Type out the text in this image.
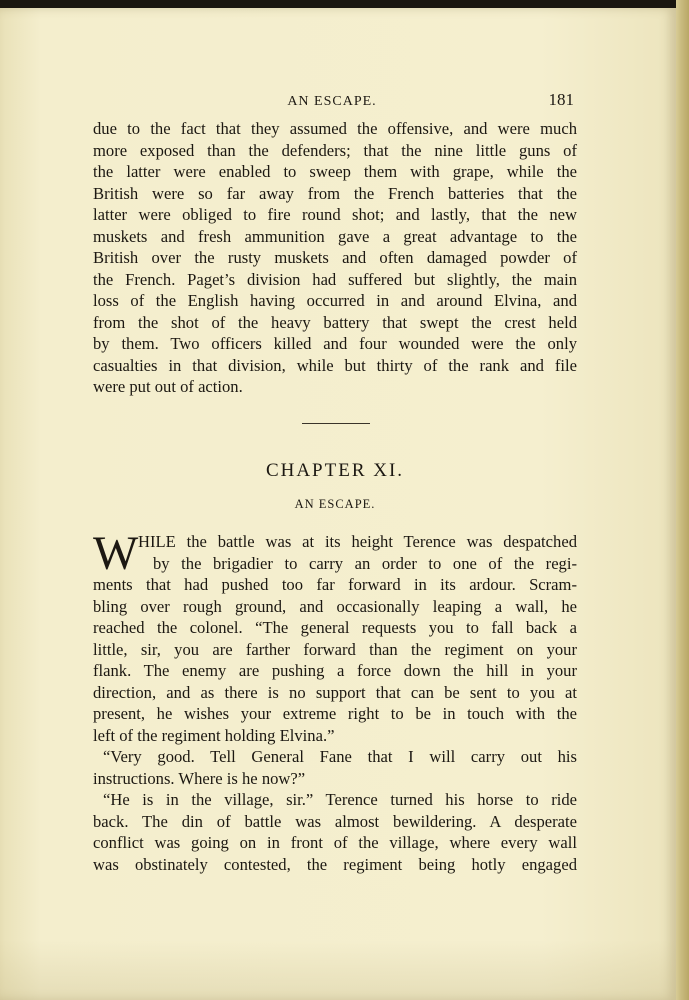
AN ESCAPE.	181
due to the fact that they assumed the offensive, and were much
more exposed than the defenders; that the nine little guns of
the latter were enabled to sweep them with grape, while the
British were so far away from the French batteries that the
latter were obliged to fire round shot; and lastly, that the new
muskets and fresh ammunition gave a great advantage to the
British over the rusty muskets and often damaged powder of
the French. Paget’s division had suffered but slightly, the main
loss of the English having occurred in and around Elvina, and
from the shot of the heavy battery that swept the crest held
by them. Two officers killed and four wounded were the only
casualties in that division, while but thirty of the rank and file
were put out of action.
CHAPTER XI.
AN ESCAPE.
W HILE the battle was at its height Terence was despatched
by the brigadier to carry an order to one of the regi-
ments that had pushed too far forward in its ardour. Scram-
bling over rough ground, and occasionally leaping a wall, he
reached the colonel. “The general requests you to fall back a
little, sir, you are farther forward than the regiment on your
flank. The enemy are pushing a force down the hill in your
direction, and as there is no support that can be sent to you at
present, he wishes your extreme right to be in touch with the
left of the regiment holding Elvina.”
“Very good. Tell General Fane that I will carry out his
instructions. Where is he now?”
“He is in the village, sir.” Terence turned his horse to ride
back. The din of battle was almost bewildering. A desperate
conflict was going on in front of the village, where every wall
was obstinately contested, the regiment being hotly engaged
